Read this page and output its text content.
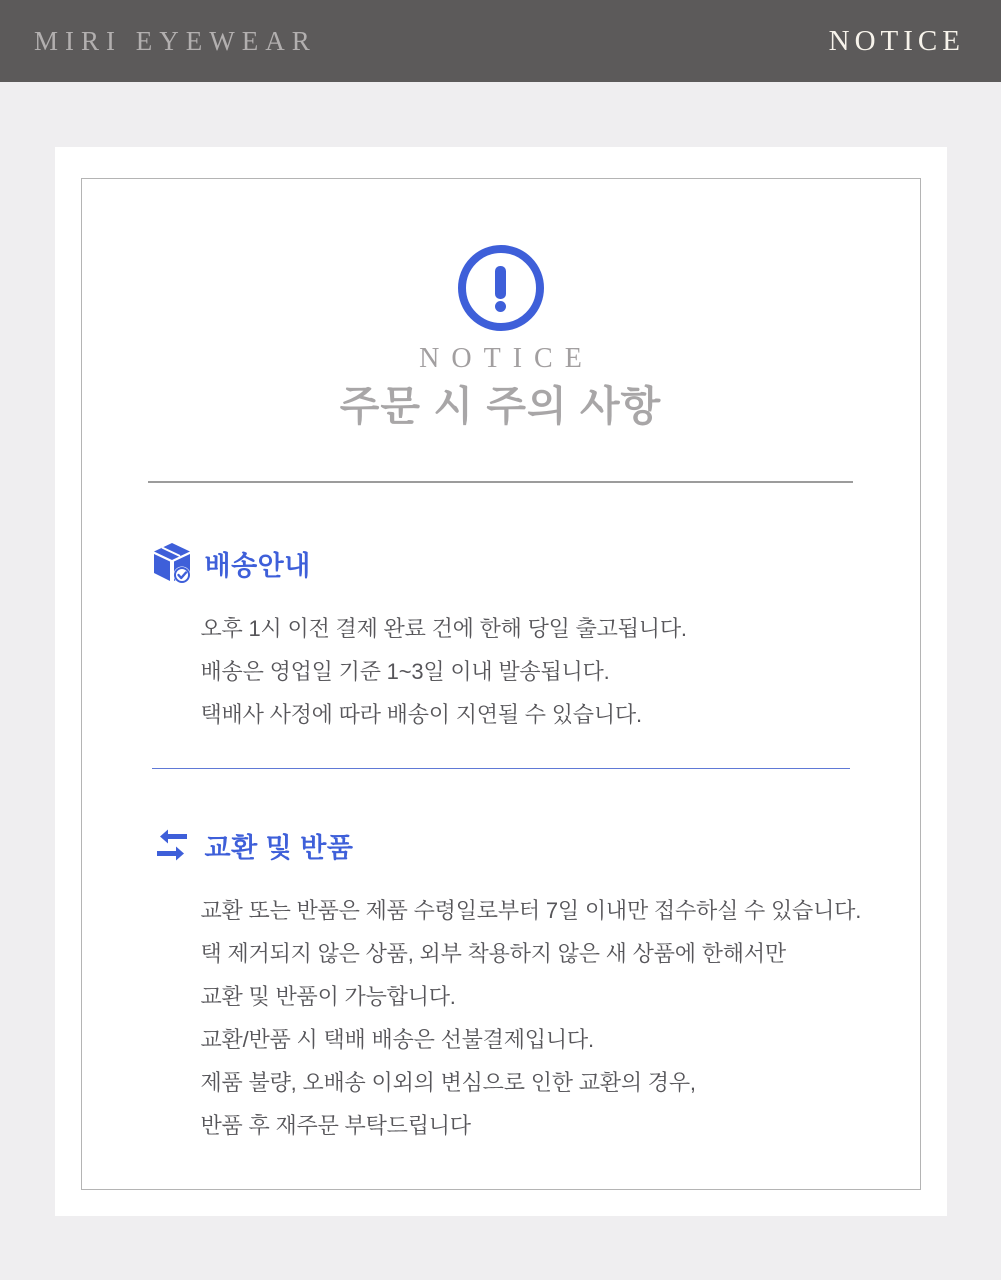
MIRI EYEWEAR	NOTICE
NOTICE
주문 시 주의 사항
배송안내
오후 1시 이전 결제 완료 건에 한해 당일 출고됩니다.
배송은 영업일 기준 1~3일 이내 발송됩니다.
택배사 사정에 따라 배송이 지연될 수 있습니다.
교환 및 반품
교환 또는 반품은 제품 수령일로부터 7일 이내만 접수하실 수 있습니다.
택 제거되지 않은 상품, 외부 착용하지 않은 새 상품에 한해서만
교환 및 반품이 가능합니다.
교환/반품 시 택배 배송은 선불결제입니다.
제품 불량, 오배송 이외의 변심으로 인한 교환의 경우,
반품 후 재주문 부탁드립니다
